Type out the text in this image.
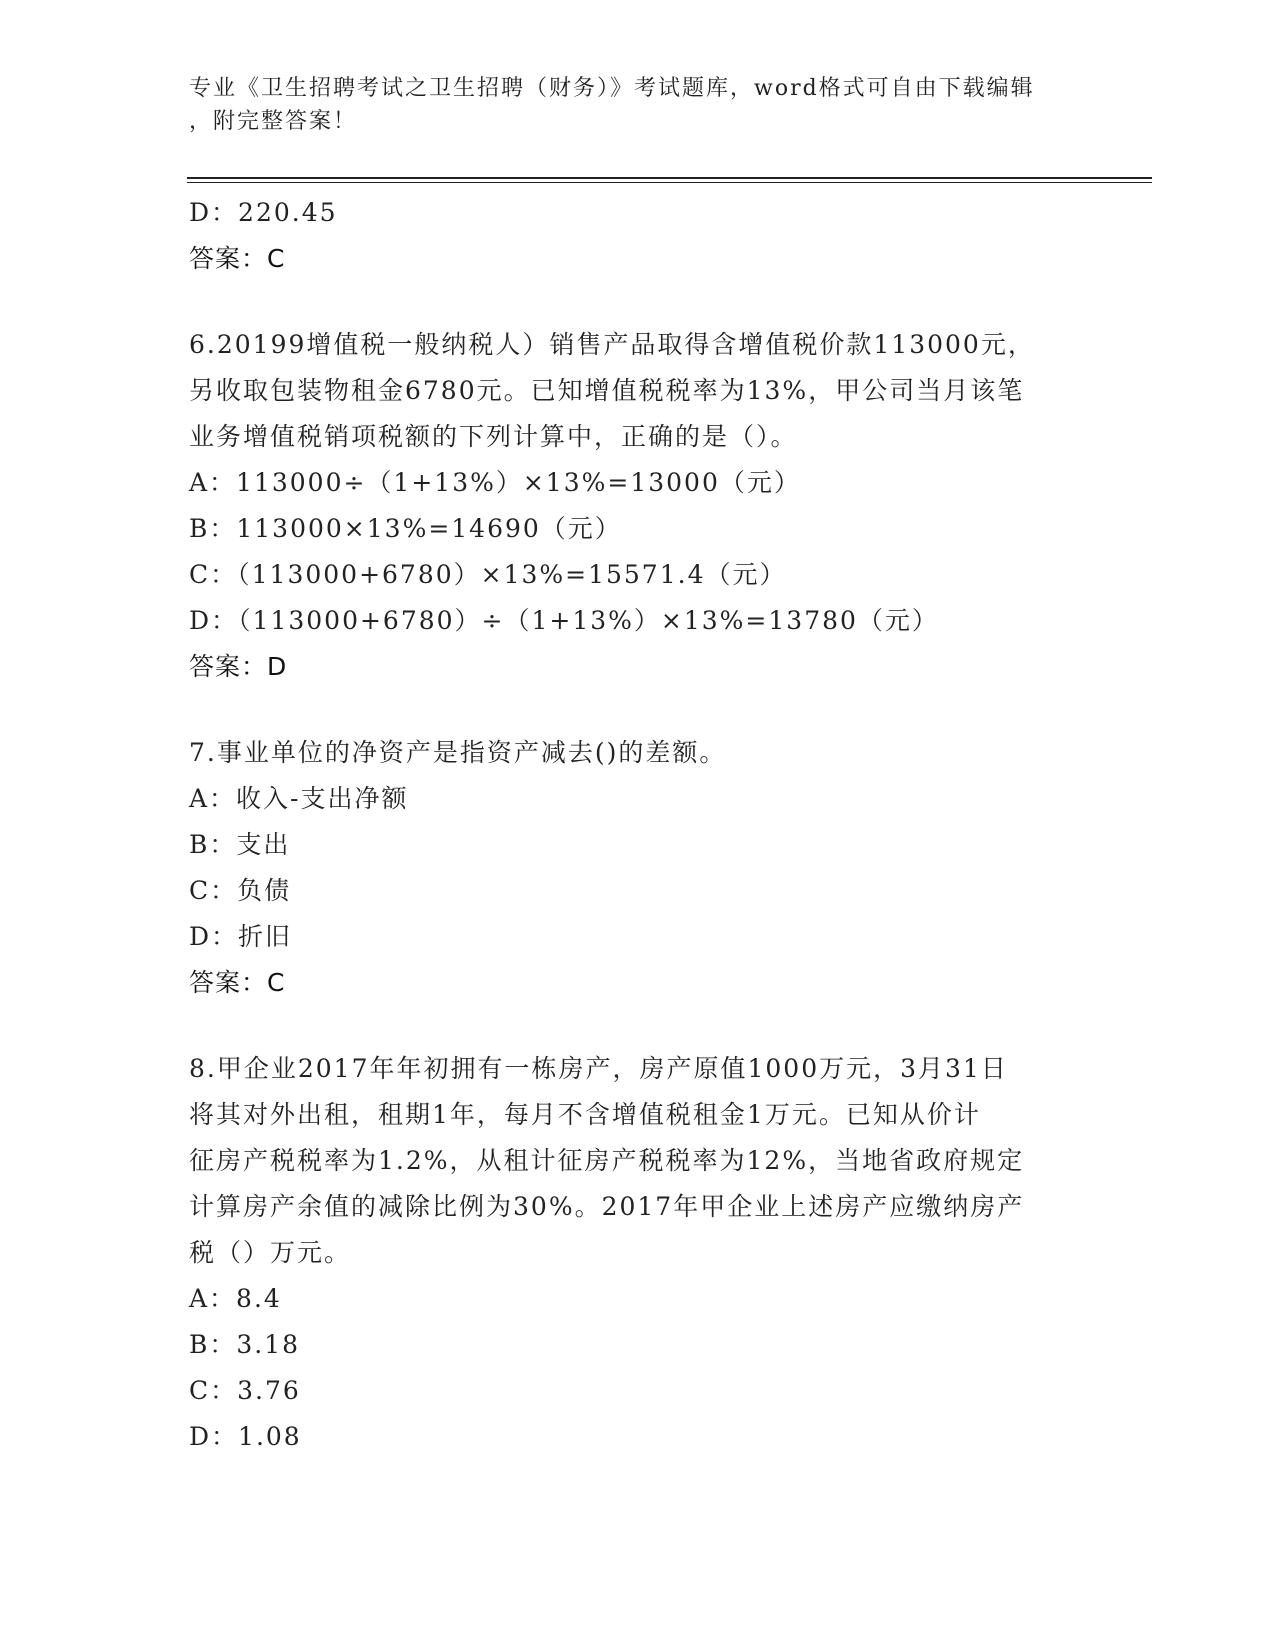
专业《卫生招聘考试之卫生招聘（财务）》考试题库，word格式可自由下载编辑
，附完整答案！
D：220.45
答案：C
6.20199增值税一般纳税人）销售产品取得含增值税价款113000元，
另收取包装物租金6780元。已知增值税税率为13%，甲公司当月该笔
业务增值税销项税额的下列计算中，正确的是（）。
A：113000÷（1+13%）×13%=13000（元）
B：113000×13%=14690（元）
C：（113000+6780）×13%=15571.4（元）
D：（113000+6780）÷（1+13%）×13%=13780（元）
答案：D
7.事业单位的净资产是指资产减去()的差额。
A：收入-支出净额
B：支出
C：负债
D：折旧
答案：C
8.甲企业2017年年初拥有一栋房产，房产原值1000万元，3月31日
将其对外出租，租期1年，每月不含增值税租金1万元。已知从价计
征房产税税率为1.2%，从租计征房产税税率为12%，当地省政府规定
计算房产余值的减除比例为30%。2017年甲企业上述房产应缴纳房产
税（）万元。
A：8.4
B：3.18
C：3.76
D：1.08
